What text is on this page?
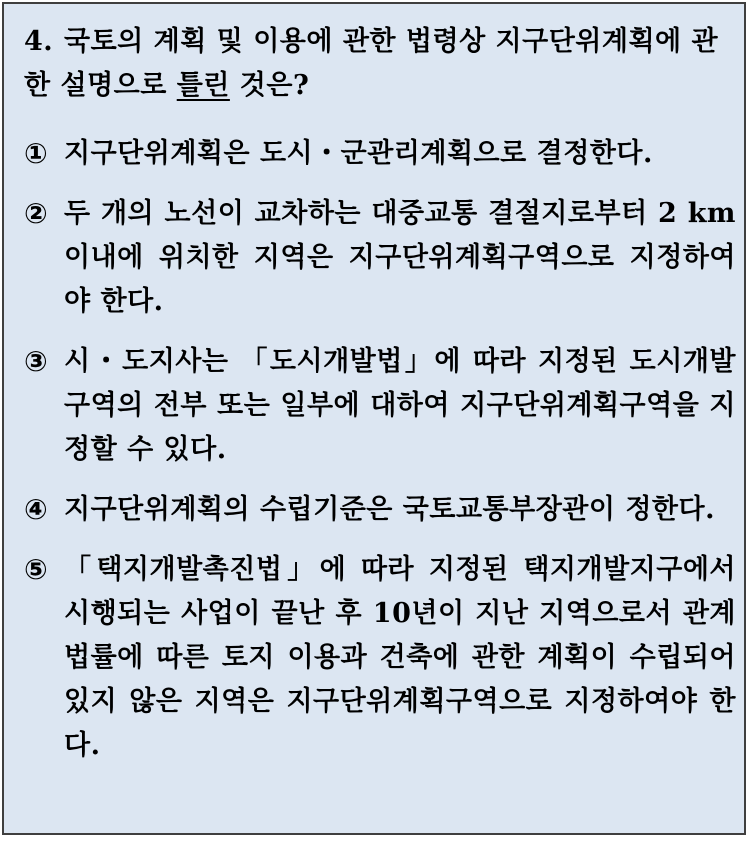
4. 국토의 계획 및 이용에 관한 법령상 지구단위계획에 관한 설명으로 틀린 것은?
① 지구단위계획은 도시・군관리계획으로 결정한다.
② 두 개의 노선이 교차하는 대중교통 결절지로부터 2 km 이내에 위치한 지역은 지구단위계획구역으로 지정하여야 한다.
③ 시・도지사는 「도시개발법」에 따라 지정된 도시개발구역의 전부 또는 일부에 대하여 지구단위계획구역을 지정할 수 있다.
④ 지구단위계획의 수립기준은 국토교통부장관이 정한다.
⑤ 「택지개발촉진법」에 따라 지정된 택지개발지구에서 시행되는 사업이 끝난 후 10년이 지난 지역으로서 관계 법률에 따른 토지 이용과 건축에 관한 계획이 수립되어 있지 않은 지역은 지구단위계획구역으로 지정하여야 한다.
